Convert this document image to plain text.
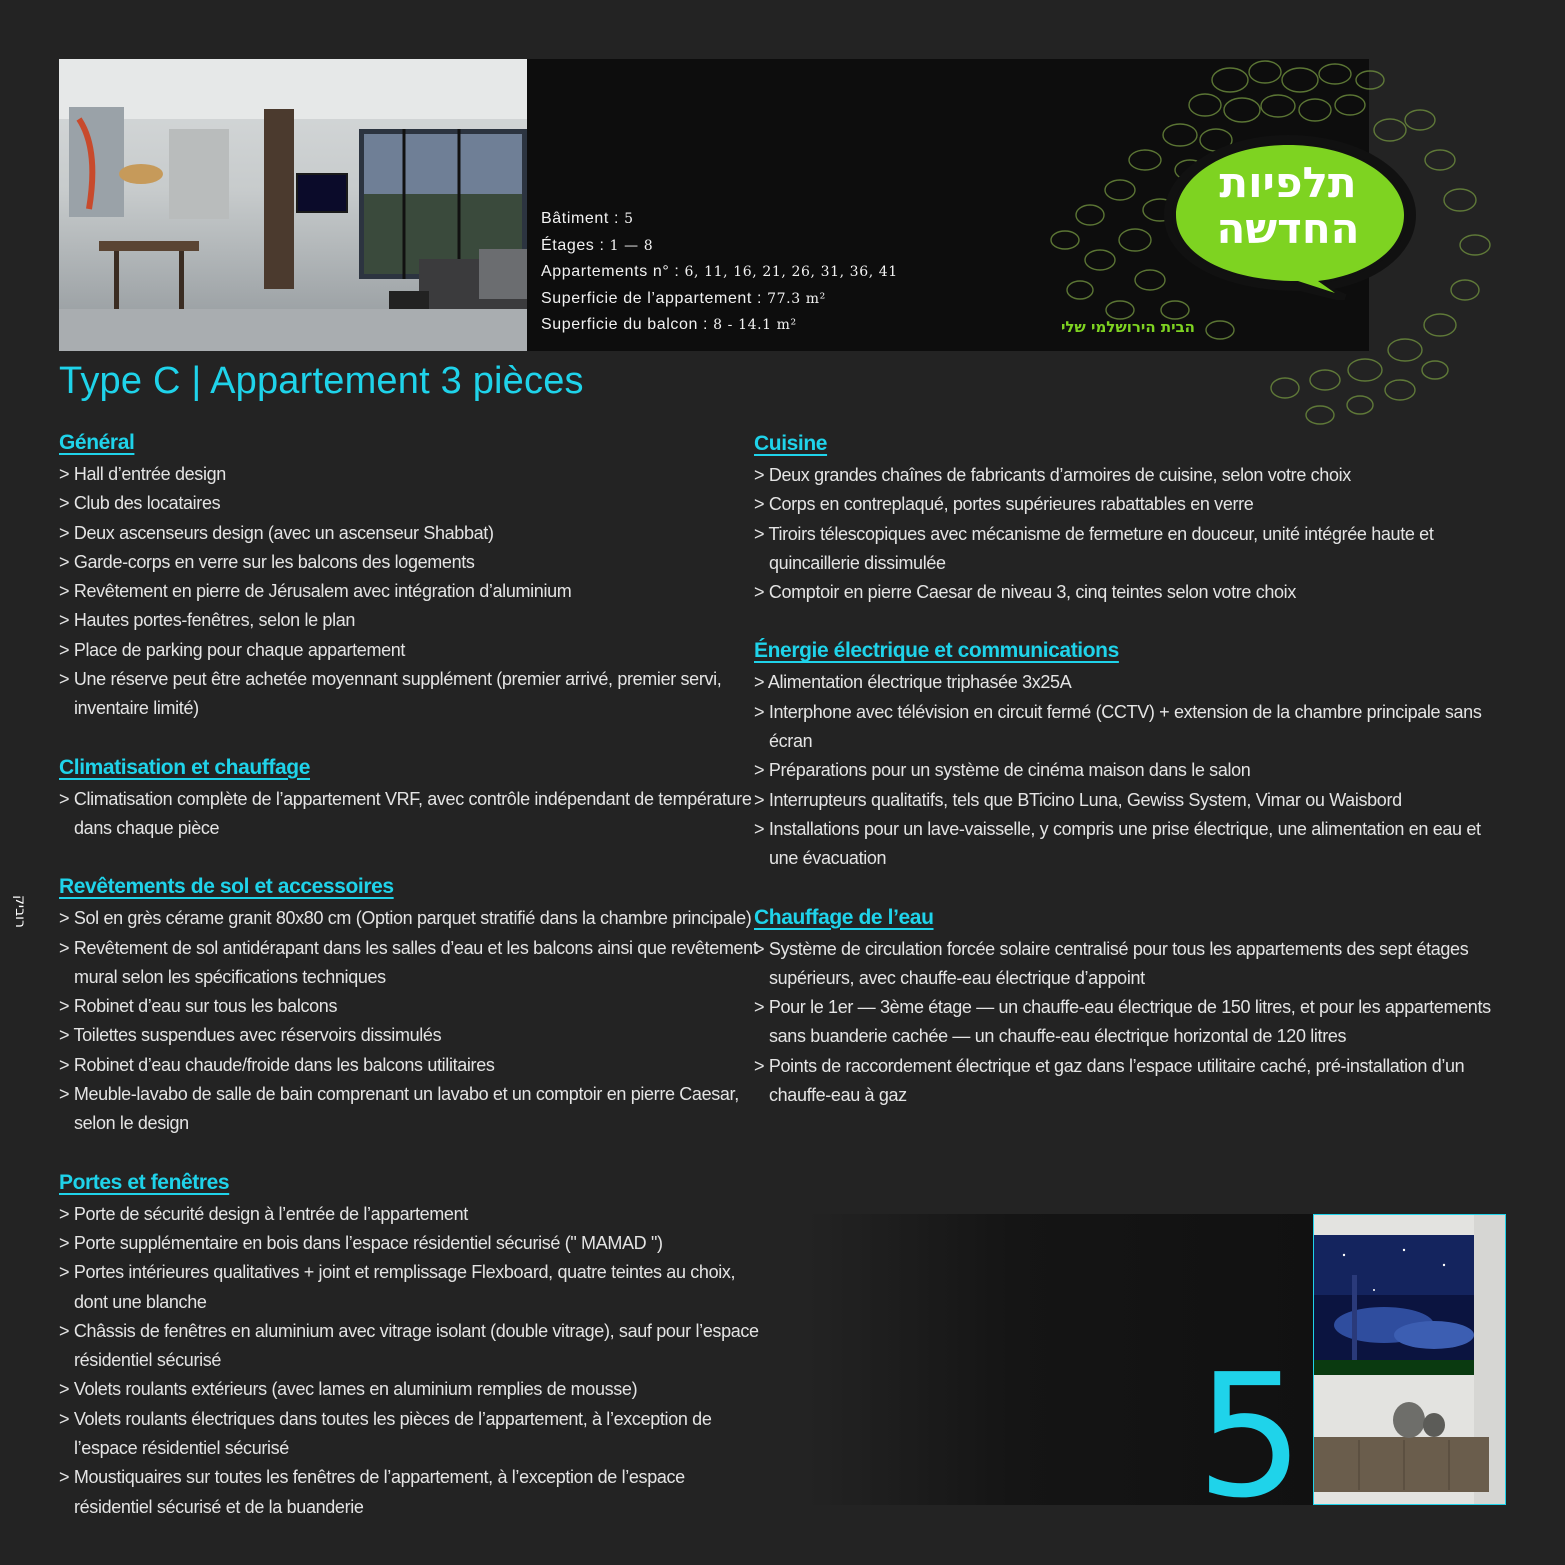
Bâtiment : 5
Étages : 1 — 8
Appartements n° : 6, 11, 16, 21, 26, 31, 36, 41
Superficie de l’appartement : 77.3 m²
Superficie du balcon : 8 - 14.1 m²
תלפיות
החדשה
הבית הירושלמי שלי
Type C | Appartement 3 pièces
Général
> Hall d’entrée design
> Club des locataires
> Deux ascenseurs design (avec un ascenseur Shabbat)
> Garde-corps en verre sur les balcons des logements
> Revêtement en pierre de Jérusalem avec intégration d’aluminium
> Hautes portes-fenêtres, selon le plan
> Place de parking pour chaque appartement
> Une réserve peut être achetée moyennant supplément (premier arrivé, premier servi, inventaire limité)
Climatisation et chauffage
> Climatisation complète de l’appartement VRF, avec contrôle indépendant de température dans chaque pièce
Revêtements de sol et accessoires
> Sol en grès cérame granit 80x80 cm (Option parquet stratifié dans la chambre principale)
> Revêtement de sol antidérapant dans les salles d’eau et les balcons ainsi que revêtement mural selon les spécifications techniques
> Robinet d’eau sur tous les balcons
> Toilettes suspendues avec réservoirs dissimulés
> Robinet d’eau chaude/froide dans les balcons utilitaires
> Meuble-lavabo de salle de bain comprenant un lavabo et un comptoir en pierre Caesar, selon le design
Portes et fenêtres
> Porte de sécurité design à l’entrée de l’appartement
> Porte supplémentaire en bois dans l’espace résidentiel sécurisé (" MAMAD ")
> Portes intérieures qualitatives + joint et remplissage Flexboard, quatre teintes au choix, dont une blanche
> Châssis de fenêtres en aluminium avec vitrage isolant (double vitrage), sauf pour l’espace résidentiel sécurisé
> Volets roulants extérieurs (avec lames en aluminium remplies de mousse)
> Volets roulants électriques dans toutes les pièces de l’appartement, à l’exception de l’espace résidentiel sécurisé
> Moustiquaires sur toutes les fenêtres de l’appartement, à l’exception de l’espace résidentiel sécurisé et de la buanderie
Cuisine
> Deux grandes chaînes de fabricants d’armoires de cuisine, selon votre choix
> Corps en contreplaqué, portes supérieures rabattables en verre
> Tiroirs télescopiques avec mécanisme de fermeture en douceur, unité intégrée haute et quincaillerie dissimulée
> Comptoir en pierre Caesar de niveau 3, cinq teintes selon votre choix
Énergie électrique et communications
> Alimentation électrique triphasée 3x25A
> Interphone avec télévision en circuit fermé (CCTV) + extension de la chambre principale sans écran
> Préparations pour un système de cinéma maison dans le salon
> Interrupteurs qualitatifs, tels que BTicino Luna, Gewiss System, Vimar ou Waisbord
> Installations pour un lave-vaisselle, y compris une prise électrique, une alimentation en eau et une évacuation
Chauffage de l’eau
> Système de circulation forcée solaire centralisé pour tous les appartements des sept étages supérieurs, avec chauffe-eau électrique d’appoint
> Pour le 1er — 3ème étage — un chauffe-eau électrique de 150 litres, et pour les appartements sans buanderie cachée — un chauffe-eau électrique horizontal de 120 litres
> Points de raccordement électrique et gaz dans l’espace utilitaire caché, pré-installation d’un chauffe-eau à gaz
5
רוביק
